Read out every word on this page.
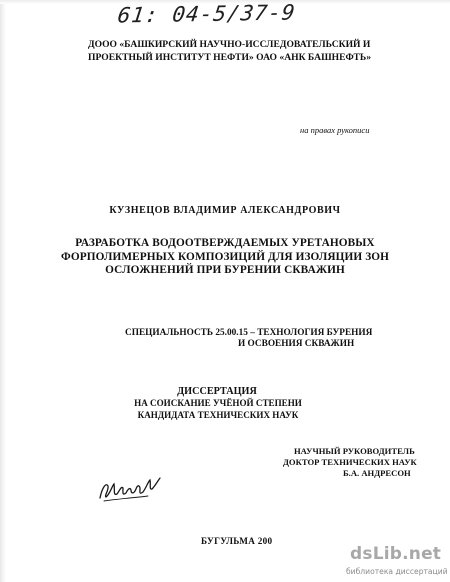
61: 04-5/37-9
ДООО «БАШКИРСКИЙ НАУЧНО-ИССЛЕДОВАТЕЛЬСКИЙ И
ПРОЕКТНЫЙ ИНСТИТУТ НЕФТИ» ОАО «АНК БАШНЕФТЬ»
на правах рукописи
КУЗНЕЦОВ ВЛАДИМИР АЛЕКСАНДРОВИЧ
РАЗРАБОТКА ВОДООТВЕРЖДАЕМЫХ УРЕТАНОВЫХ
ФОРПОЛИМЕРНЫХ КОМПОЗИЦИЙ ДЛЯ ИЗОЛЯЦИИ ЗОН
ОСЛОЖНЕНИЙ ПРИ БУРЕНИИ СКВАЖИН
СПЕЦИАЛЬНОСТЬ 25.00.15 – ТЕХНОЛОГИЯ БУРЕНИЯ
И ОСВОЕНИЯ СКВАЖИН
ДИССЕРТАЦИЯ
НА СОИСКАНИЕ УЧЁНОЙ СТЕПЕНИ
КАНДИДАТА ТЕХНИЧЕСКИХ НАУК
НАУЧНЫЙ РУКОВОДИТЕЛЬ
ДОКТОР ТЕХНИЧЕСКИХ НАУК
Б.А. АНДРЕСОН
БУГУЛЬМА 200
dsLib.net
библиотека диссертаций
